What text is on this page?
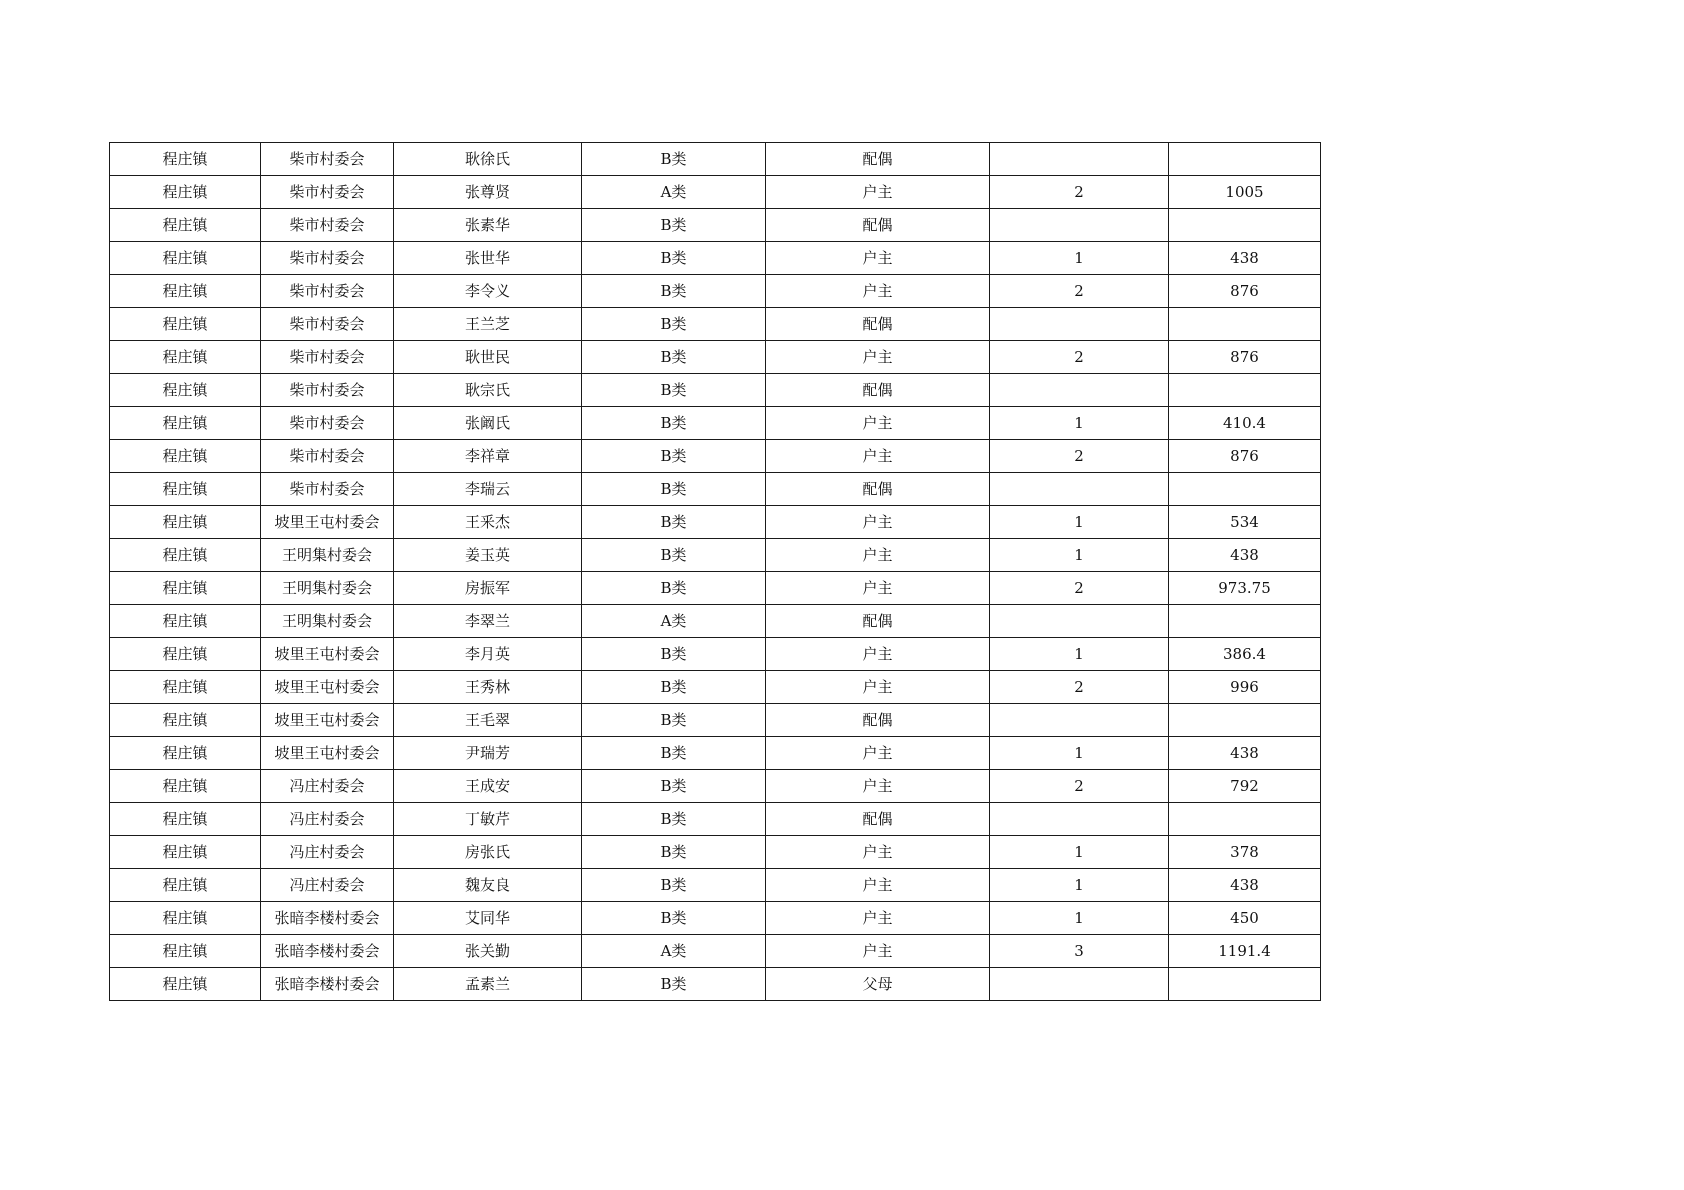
程庄镇	柴市村委会	耿徐氏	B类	配偶		
程庄镇	柴市村委会	张尊贤	A类	户主	2	1005
程庄镇	柴市村委会	张素华	B类	配偶		
程庄镇	柴市村委会	张世华	B类	户主	1	438
程庄镇	柴市村委会	李令义	B类	户主	2	876
程庄镇	柴市村委会	王兰芝	B类	配偶		
程庄镇	柴市村委会	耿世民	B类	户主	2	876
程庄镇	柴市村委会	耿宗氏	B类	配偶		
程庄镇	柴市村委会	张阚氏	B类	户主	1	410.4
程庄镇	柴市村委会	李祥章	B类	户主	2	876
程庄镇	柴市村委会	李瑞云	B类	配偶		
程庄镇	坡里王屯村委会	王釆杰	B类	户主	1	534
程庄镇	王明集村委会	姜玉英	B类	户主	1	438
程庄镇	王明集村委会	房振军	B类	户主	2	973.75
程庄镇	王明集村委会	李翠兰	A类	配偶		
程庄镇	坡里王屯村委会	李月英	B类	户主	1	386.4
程庄镇	坡里王屯村委会	王秀林	B类	户主	2	996
程庄镇	坡里王屯村委会	王毛翠	B类	配偶		
程庄镇	坡里王屯村委会	尹瑞芳	B类	户主	1	438
程庄镇	冯庄村委会	王成安	B类	户主	2	792
程庄镇	冯庄村委会	丁敏芹	B类	配偶		
程庄镇	冯庄村委会	房张氏	B类	户主	1	378
程庄镇	冯庄村委会	魏友良	B类	户主	1	438
程庄镇	张暗李楼村委会	艾同华	B类	户主	1	450
程庄镇	张暗李楼村委会	张关勤	A类	户主	3	1191.4
程庄镇	张暗李楼村委会	孟素兰	B类	父母		
